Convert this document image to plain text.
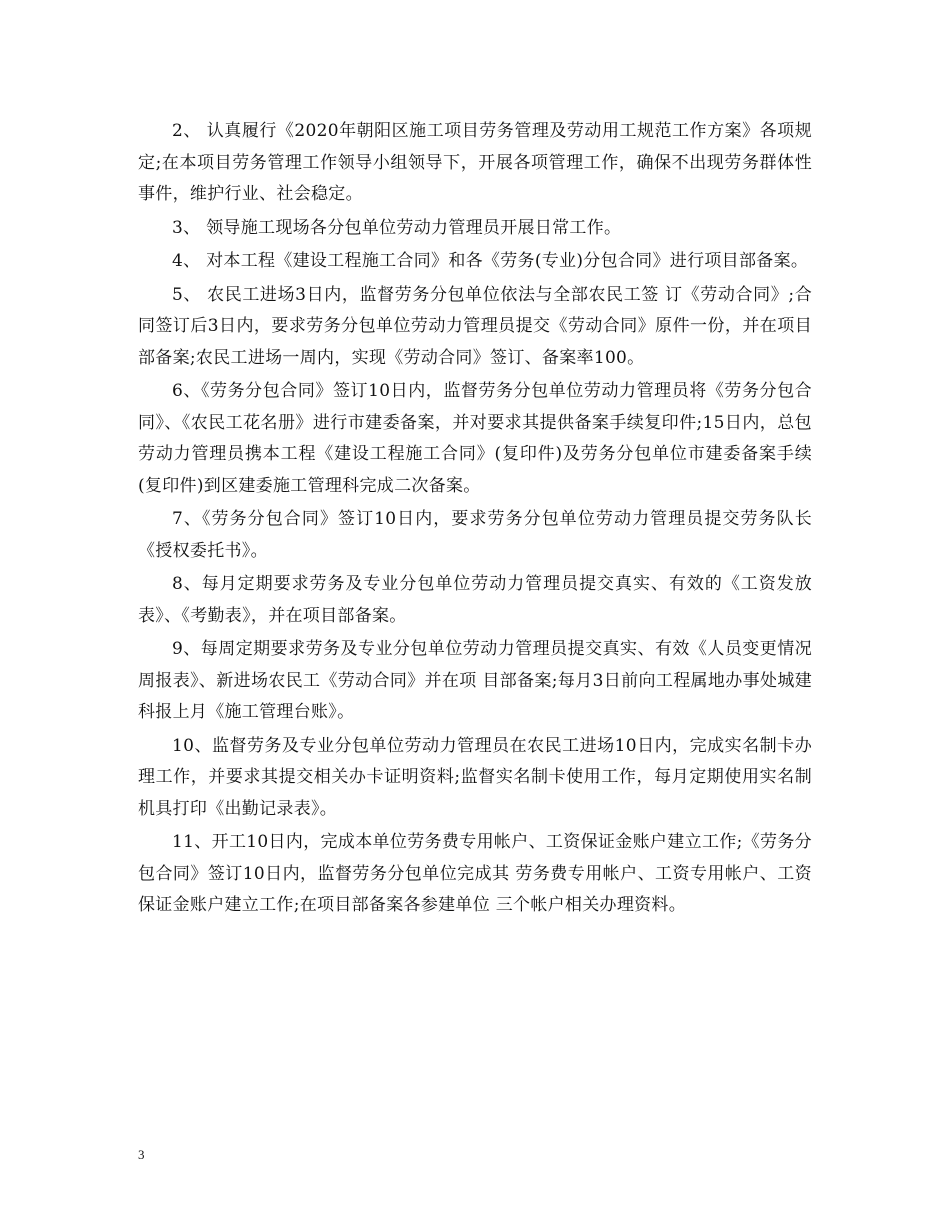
2、 认真履行《2020年朝阳区施工项目劳务管理及劳动用工规范工作方案》各项规定;在本项目劳务管理工作领导小组领导下，开展各项管理工作，确保不出现劳务群体性事件，维护行业、社会稳定。

3、 领导施工现场各分包单位劳动力管理员开展日常工作。

4、 对本工程《建设工程施工合同》和各《劳务(专业)分包合同》进行项目部备案。

5、 农民工进场3日内，监督劳务分包单位依法与全部农民工签 订《劳动合同》;合同签订后3日内，要求劳务分包单位劳动力管理员提交《劳动合同》原件一份，并在项目部备案;农民工进场一周内，实现《劳动合同》签订、备案率100。

6、《劳务分包合同》签订10日内，监督劳务分包单位劳动力管理员将《劳务分包合同》、《农民工花名册》进行市建委备案，并对要求其提供备案手续复印件;15日内，总包劳动力管理员携本工程《建设工程施工合同》(复印件)及劳务分包单位市建委备案手续(复印件)到区建委施工管理科完成二次备案。

7、《劳务分包合同》签订10日内，要求劳务分包单位劳动力管理员提交劳务队长《授权委托书》。

8、每月定期要求劳务及专业分包单位劳动力管理员提交真实、有效的《工资发放表》、《考勤表》，并在项目部备案。

9、每周定期要求劳务及专业分包单位劳动力管理员提交真实、有效《人员变更情况周报表》、新进场农民工《劳动合同》并在项 目部备案;每月3日前向工程属地办事处城建科报上月《施工管理台账》。

10、监督劳务及专业分包单位劳动力管理员在农民工进场10日内，完成实名制卡办理工作，并要求其提交相关办卡证明资料;监督实名制卡使用工作，每月定期使用实名制机具打印《出勤记录表》。

11、开工10日内，完成本单位劳务费专用帐户、工资保证金账户建立工作;《劳务分包合同》签订10日内，监督劳务分包单位完成其 劳务费专用帐户、工资专用帐户、工资保证金账户建立工作;在项目部备案各参建单位 三个帐户相关办理资料。

3
